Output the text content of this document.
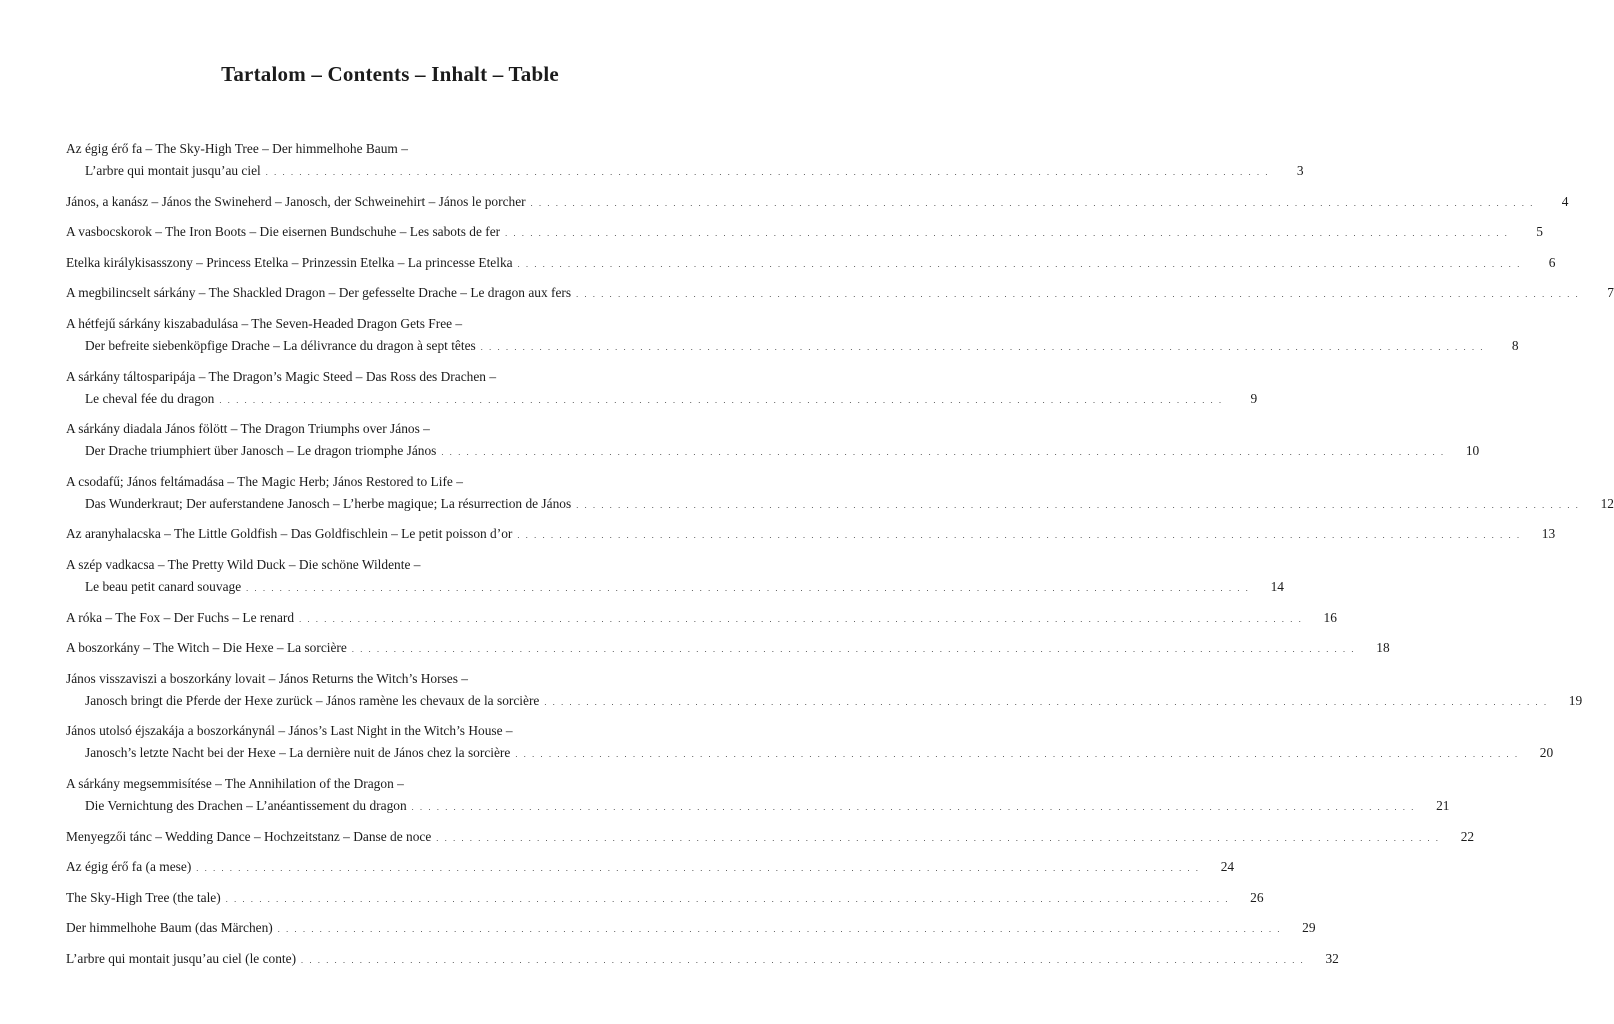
Tartalom – Contents – Inhalt – Table
Az égig érő fa – The Sky-High Tree – Der himmelhohe Baum –
L’arbre qui montait jusqu’au ciel . . . . . . . . . . . . . . . . . . . . . . . . . . . . . . . . . . . . . . . . . . . . . . . . . . . . . . . . . . . . . . . . . . . . . . . . . . . . . . . . . . . . . . . . . . . . . . . . . . . . . . . . . . . . . . . . . . . . . . . .	3
János, a kanász – János the Swineherd – Janosch, der Schweinehirt – János le porcher . . . . . . . . . . . . . . . . . . . . . . . . . . . . . . . . . . . . . . . . . . . . . . . . . . . . . . . . . . . . . . . . . . . . . . . . . . . . . . . . . . . . . . . . . . . . . . . . . . . . . . . . . . . . . . . . . . . . . . . .	4
A vasbocskorok – The Iron Boots – Die eisernen Bundschuhe – Les sabots de fer . . . . . . . . . . . . . . . . . . . . . . . . . . . . . . . . . . . . . . . . . . . . . . . . . . . . . . . . . . . . . . . . . . . . . . . . . . . . . . . . . . . . . . . . . . . . . . . . . . . . . . . . . . . . . . . . . . . . . . . .	5
Etelka királykisasszony – Princess Etelka – Prinzessin Etelka – La princesse Etelka . . . . . . . . . . . . . . . . . . . . . . . . . . . . . . . . . . . . . . . . . . . . . . . . . . . . . . . . . . . . . . . . . . . . . . . . . . . . . . . . . . . . . . . . . . . . . . . . . . . . . . . . . . . . . . . . . . . . . . . .	6
A megbilincselt sárkány – The Shackled Dragon – Der gefesselte Drache – Le dragon aux fers . . . . . . . . . . . . . . . . . . . . . . . . . . . . . . . . . . . . . . . . . . . . . . . . . . . . . . . . . . . . . . . . . . . . . . . . . . . . . . . . . . . . . . . . . . . . . . . . . . . . . . . . . . . . . . . . . . . . . . . .	7
A hétfejű sárkány kiszabadulása – The Seven-Headed Dragon Gets Free –
Der befreite siebenköpfige Drache – La délivrance du dragon à sept têtes . . . . . . . . . . . . . . . . . . . . . . . . . . . . . . . . . . . . . . . . . . . . . . . . . . . . . . . . . . . . . . . . . . . . . . . . . . . . . . . . . . . . . . . . . . . . . . . . . . . . . . . . . . . . . . . . . . . . . . . .	8
A sárkány táltosparipája – The Dragon’s Magic Steed – Das Ross des Drachen –
Le cheval fée du dragon . . . . . . . . . . . . . . . . . . . . . . . . . . . . . . . . . . . . . . . . . . . . . . . . . . . . . . . . . . . . . . . . . . . . . . . . . . . . . . . . . . . . . . . . . . . . . . . . . . . . . . . . . . . . . . . . . . . . . . . .	9
A sárkány diadala János fölött – The Dragon Triumphs over János –
Der Drache triumphiert über Janosch – Le dragon triomphe János . . . . . . . . . . . . . . . . . . . . . . . . . . . . . . . . . . . . . . . . . . . . . . . . . . . . . . . . . . . . . . . . . . . . . . . . . . . . . . . . . . . . . . . . . . . . . . . . . . . . . . . . . . . . . . . . . . . . . . . .	10
A csodafű; János feltámadása – The Magic Herb; János Restored to Life –
Das Wunderkraut; Der auferstandene Janosch – L’herbe magique; La résurrection de János . . . . . . . . . . . . . . . . . . . . . . . . . . . . . . . . . . . . . . . . . . . . . . . . . . . . . . . . . . . . . . . . . . . . . . . . . . . . . . . . . . . . . . . . . . . . . . . . . . . . . . . . . . . . . . . . . . . . . . . .	12
Az aranyhalacska – The Little Goldfish – Das Goldfischlein – Le petit poisson d’or . . . . . . . . . . . . . . . . . . . . . . . . . . . . . . . . . . . . . . . . . . . . . . . . . . . . . . . . . . . . . . . . . . . . . . . . . . . . . . . . . . . . . . . . . . . . . . . . . . . . . . . . . . . . . . . . . . . . . . . .	13
A szép vadkacsa – The Pretty Wild Duck – Die schöne Wildente –
Le beau petit canard souvage . . . . . . . . . . . . . . . . . . . . . . . . . . . . . . . . . . . . . . . . . . . . . . . . . . . . . . . . . . . . . . . . . . . . . . . . . . . . . . . . . . . . . . . . . . . . . . . . . . . . . . . . . . . . . . . . . . . . . . . .	14
A róka – The Fox – Der Fuchs – Le renard . . . . . . . . . . . . . . . . . . . . . . . . . . . . . . . . . . . . . . . . . . . . . . . . . . . . . . . . . . . . . . . . . . . . . . . . . . . . . . . . . . . . . . . . . . . . . . . . . . . . . . . . . . . . . . . . . . . . . . . .	16
A boszorkány – The Witch – Die Hexe – La sorcière . . . . . . . . . . . . . . . . . . . . . . . . . . . . . . . . . . . . . . . . . . . . . . . . . . . . . . . . . . . . . . . . . . . . . . . . . . . . . . . . . . . . . . . . . . . . . . . . . . . . . . . . . . . . . . . . . . . . . . . .	18
János visszaviszi a boszorkány lovait – János Returns the Witch’s Horses –
Janosch bringt die Pferde der Hexe zurück – János ramène les chevaux de la sorcière . . . . . . . . . . . . . . . . . . . . . . . . . . . . . . . . . . . . . . . . . . . . . . . . . . . . . . . . . . . . . . . . . . . . . . . . . . . . . . . . . . . . . . . . . . . . . . . . . . . . . . . . . . . . . . . . . . . . . . . .	19
János utolsó éjszakája a boszorkánynál – János’s Last Night in the Witch’s House –
Janosch’s letzte Nacht bei der Hexe – La dernière nuit de János chez la sorcière . . . . . . . . . . . . . . . . . . . . . . . . . . . . . . . . . . . . . . . . . . . . . . . . . . . . . . . . . . . . . . . . . . . . . . . . . . . . . . . . . . . . . . . . . . . . . . . . . . . . . . . . . . . . . . . . . . . . . . . .	20
A sárkány megsemmisítése – The Annihilation of the Dragon –
Die Vernichtung des Drachen – L’anéantissement du dragon . . . . . . . . . . . . . . . . . . . . . . . . . . . . . . . . . . . . . . . . . . . . . . . . . . . . . . . . . . . . . . . . . . . . . . . . . . . . . . . . . . . . . . . . . . . . . . . . . . . . . . . . . . . . . . . . . . . . . . . .	21
Menyegzői tánc – Wedding Dance – Hochzeitstanz – Danse de noce . . . . . . . . . . . . . . . . . . . . . . . . . . . . . . . . . . . . . . . . . . . . . . . . . . . . . . . . . . . . . . . . . . . . . . . . . . . . . . . . . . . . . . . . . . . . . . . . . . . . . . . . . . . . . . . . . . . . . . . .	22
Az égig érő fa (a mese) . . . . . . . . . . . . . . . . . . . . . . . . . . . . . . . . . . . . . . . . . . . . . . . . . . . . . . . . . . . . . . . . . . . . . . . . . . . . . . . . . . . . . . . . . . . . . . . . . . . . . . . . . . . . . . . . . . . . . . . .	24
The Sky-High Tree (the tale) . . . . . . . . . . . . . . . . . . . . . . . . . . . . . . . . . . . . . . . . . . . . . . . . . . . . . . . . . . . . . . . . . . . . . . . . . . . . . . . . . . . . . . . . . . . . . . . . . . . . . . . . . . . . . . . . . . . . . . . .	26
Der himmelhohe Baum (das Märchen) . . . . . . . . . . . . . . . . . . . . . . . . . . . . . . . . . . . . . . . . . . . . . . . . . . . . . . . . . . . . . . . . . . . . . . . . . . . . . . . . . . . . . . . . . . . . . . . . . . . . . . . . . . . . . . . . . . . . . . . .	29
L’arbre qui montait jusqu’au ciel (le conte) . . . . . . . . . . . . . . . . . . . . . . . . . . . . . . . . . . . . . . . . . . . . . . . . . . . . . . . . . . . . . . . . . . . . . . . . . . . . . . . . . . . . . . . . . . . . . . . . . . . . . . . . . . . . . . . . . . . . . . . .	32
